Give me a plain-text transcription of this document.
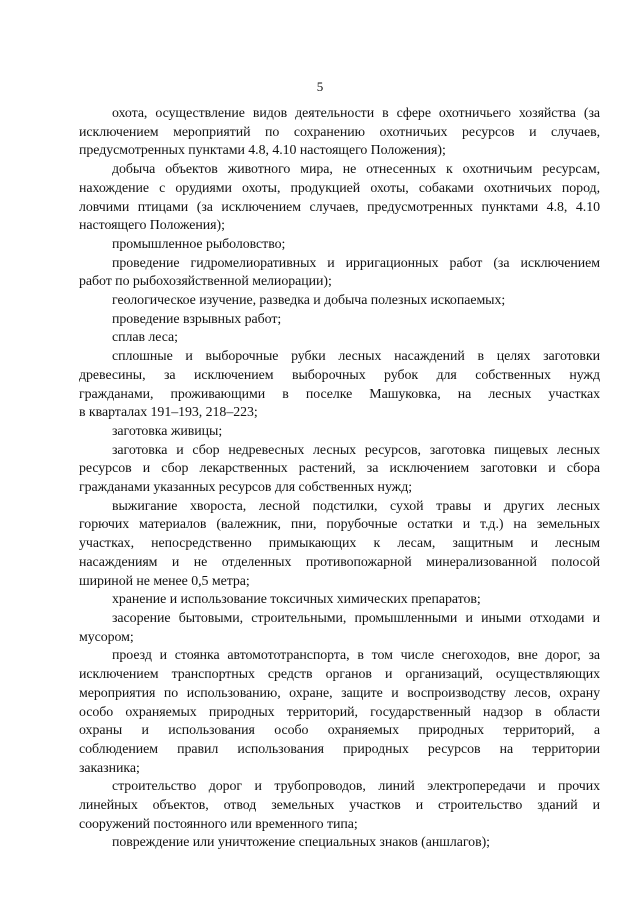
5
охота, осуществление видов деятельности в сфере охотничьего хозяйства (за
исключением мероприятий по сохранению охотничьих ресурсов и случаев,
предусмотренных пунктами 4.8, 4.10 настоящего Положения);
добыча объектов животного мира, не отнесенных к охотничьим ресурсам,
нахождение с орудиями охоты, продукцией охоты, собаками охотничьих пород,
ловчими птицами (за исключением случаев, предусмотренных пунктами 4.8, 4.10
настоящего Положения);
промышленное рыболовство;
проведение гидромелиоративных и ирригационных работ (за исключением
работ по рыбохозяйственной мелиорации);
геологическое изучение, разведка и добыча полезных ископаемых;
проведение взрывных работ;
сплав леса;
сплошные и выборочные рубки лесных насаждений в целях заготовки
древесины, за исключением выборочных рубок для собственных нужд
гражданами, проживающими в поселке Машуковка, на лесных участках
в кварталах 191–193, 218–223;
заготовка живицы;
заготовка и сбор недревесных лесных ресурсов, заготовка пищевых лесных
ресурсов и сбор лекарственных растений, за исключением заготовки и сбора
гражданами указанных ресурсов для собственных нужд;
выжигание хвороста, лесной подстилки, сухой травы и других лесных
горючих материалов (валежник, пни, порубочные остатки и т.д.) на земельных
участках, непосредственно примыкающих к лесам, защитным и лесным
насаждениям и не отделенных противопожарной минерализованной полосой
шириной не менее 0,5 метра;
хранение и использование токсичных химических препаратов;
засорение бытовыми, строительными, промышленными и иными отходами и
мусором;
проезд и стоянка автомототранспорта, в том числе снегоходов, вне дорог, за
исключением транспортных средств органов и организаций, осуществляющих
мероприятия по использованию, охране, защите и воспроизводству лесов, охрану
особо охраняемых природных территорий, государственный надзор в области
охраны и использования особо охраняемых природных территорий, а
соблюдением правил использования природных ресурсов на территории
заказника;
строительство дорог и трубопроводов, линий электропередачи и прочих
линейных объектов, отвод земельных участков и строительство зданий и
сооружений постоянного или временного типа;
повреждение или уничтожение специальных знаков (аншлагов);
